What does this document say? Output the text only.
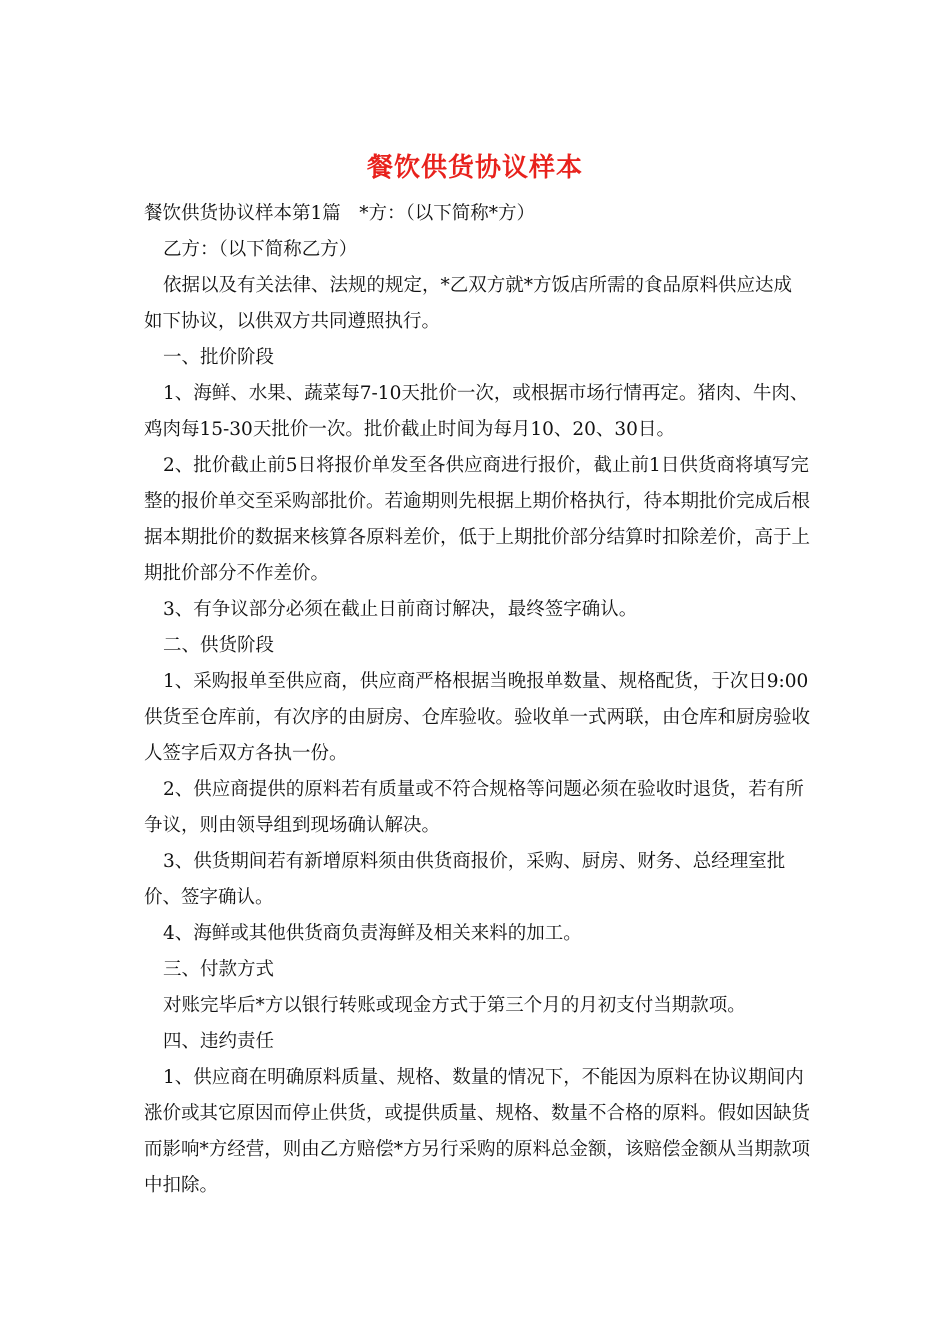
餐饮供货协议样本

餐饮供货协议样本第1篇　*方：（以下简称*方）

乙方：（以下简称乙方）

依据以及有关法律、法规的规定，*乙双方就*方饭店所需的食品原料供应达成如下协议，以供双方共同遵照执行。

一、批价阶段

1、海鲜、水果、蔬菜每7-10天批价一次，或根据市场行情再定。猪肉、牛肉、鸡肉每15-30天批价一次。批价截止时间为每月10、20、30日。

2、批价截止前5日将报价单发至各供应商进行报价，截止前1日供货商将填写完整的报价单交至采购部批价。若逾期则先根据上期价格执行，待本期批价完成后根据本期批价的数据来核算各原料差价，低于上期批价部分结算时扣除差价，高于上期批价部分不作差价。

3、有争议部分必须在截止日前商讨解决，最终签字确认。

二、供货阶段

1、采购报单至供应商，供应商严格根据当晚报单数量、规格配货，于次日9:00供货至仓库前，有次序的由厨房、仓库验收。验收单一式两联，由仓库和厨房验收人签字后双方各执一份。

2、供应商提供的原料若有质量或不符合规格等问题必须在验收时退货，若有所争议，则由领导组到现场确认解决。

3、供货期间若有新增原料须由供货商报价，采购、厨房、财务、总经理室批价、签字确认。

4、海鲜或其他供货商负责海鲜及相关来料的加工。

三、付款方式

对账完毕后*方以银行转账或现金方式于第三个月的月初支付当期款项。

四、违约责任

1、供应商在明确原料质量、规格、数量的情况下，不能因为原料在协议期间内涨价或其它原因而停止供货，或提供质量、规格、数量不合格的原料。假如因缺货而影响*方经营，则由乙方赔偿*方另行采购的原料总金额，该赔偿金额从当期款项中扣除。
